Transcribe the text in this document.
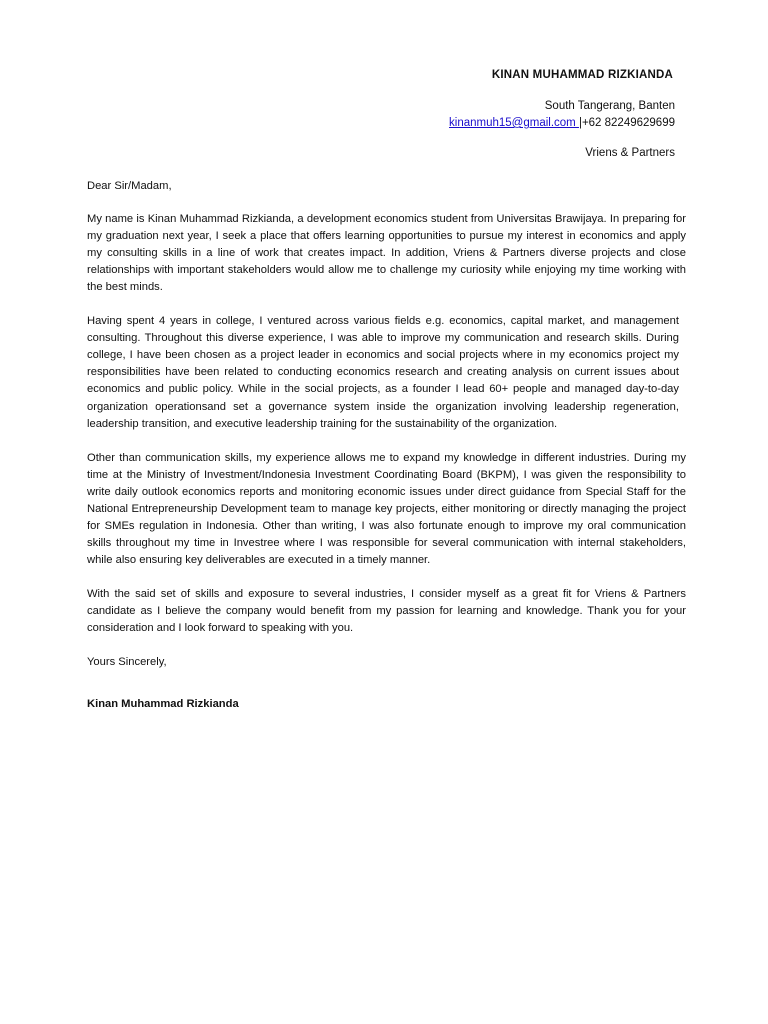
KINAN MUHAMMAD RIZKIANDA
South Tangerang, Banten
kinanmuh15@gmail.com |+62 82249629699
Vriens & Partners
Dear Sir/Madam,

My name is Kinan Muhammad Rizkianda, a development economics student from Universitas Brawijaya. In preparing for my graduation next year, I seek a place that offers learning opportunities to pursue my interest in economics and apply my consulting skills in a line of work that creates impact. In addition, Vriens & Partners diverse projects and close relationships with important stakeholders would allow me to challenge my curiosity while enjoying my time working with the best minds.

Having spent 4 years in college, I ventured across various fields e.g. economics, capital market, and management consulting. Throughout this diverse experience, I was able to improve my communication and research skills. During college, I have been chosen as a project leader in economics and social projects where in my economics project my responsibilities have been related to conducting economics research and creating analysis on current issues about economics and public policy. While in the social projects, as a founder I lead 60+ people and managed day-to-day organization operationsand set a governance system inside the organization involving leadership regeneration, leadership transition, and executive leadership training for the sustainability of the organization.

Other than communication skills, my experience allows me to expand my knowledge in different industries. During my time at the Ministry of Investment/Indonesia Investment Coordinating Board (BKPM), I was given the responsibility to write daily outlook economics reports and monitoring economic issues under direct guidance from Special Staff for the National Entrepreneurship Development team to manage key projects, either monitoring or directly managing the project for SMEs regulation in Indonesia. Other than writing, I was also fortunate enough to improve my oral communication skills throughout my time in Investree where I was responsible for several communication with internal stakeholders, while also ensuring key deliverables are executed in a timely manner.

With the said set of skills and exposure to several industries, I consider myself as a great fit for Vriens & Partners candidate as I believe the company would benefit from my passion for learning and knowledge. Thank you for your consideration and I look forward to speaking with you.

Yours Sincerely,
Kinan Muhammad Rizkianda
